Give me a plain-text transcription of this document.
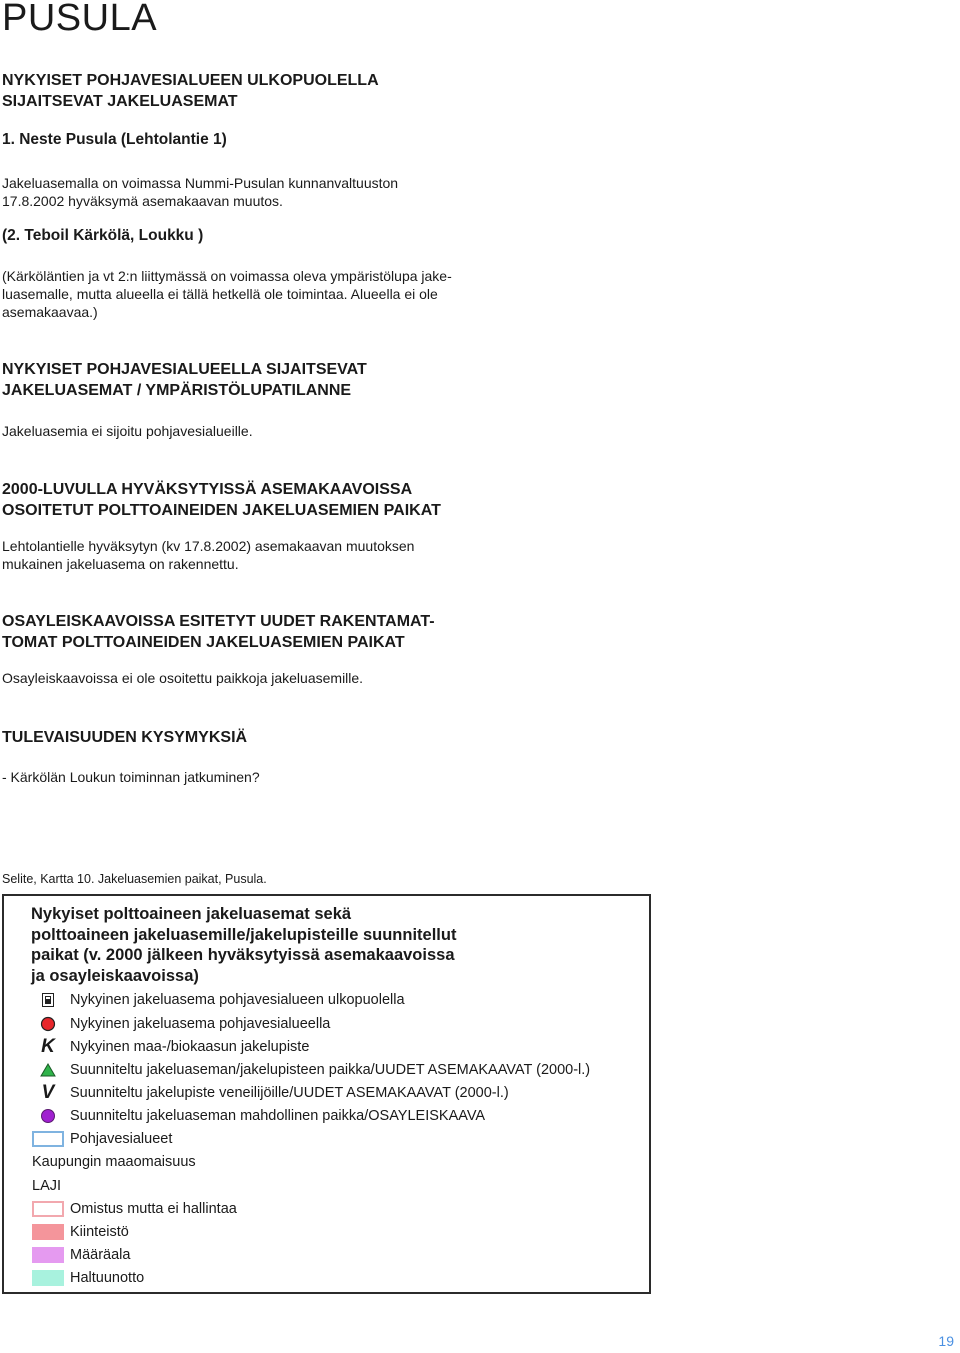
PUSULA
NYKYISET POHJAVESIALUEEN ULKOPUOLELLA
SIJAITSEVAT JAKELUASEMAT
1. Neste Pusula (Lehtolantie 1)
Jakeluasemalla on voimassa Nummi-Pusulan kunnanvaltuuston
17.8.2002 hyväksymä asemakaavan muutos.
(2. Teboil Kärkölä, Loukku )
(Kärköläntien ja vt 2:n liittymässä on voimassa oleva ympäristölupa jake-
luasemalle, mutta alueella ei tällä hetkellä ole toimintaa. Alueella ei ole
asemakaavaa.)
NYKYISET POHJAVESIALUEELLA SIJAITSEVAT
JAKELUASEMAT / YMPÄRISTÖLUPATILANNE
Jakeluasemia ei sijoitu pohjavesialueille.
2000-LUVULLA HYVÄKSYTYISSÄ ASEMAKAAVOISSA
OSOITETUT POLTTOAINEIDEN JAKELUASEMIEN PAIKAT
Lehtolantielle hyväksytyn (kv 17.8.2002) asemakaavan muutoksen
mukainen jakeluasema on rakennettu.
OSAYLEISKAAVOISSA ESITETYT UUDET RAKENTAMAT-
TOMAT POLTTOAINEIDEN JAKELUASEMIEN PAIKAT
Osayleiskaavoissa ei ole osoitettu paikkoja jakeluasemille.
TULEVAISUUDEN KYSYMYKSIÄ
- Kärkölän Loukun toiminnan jatkuminen?
Selite, Kartta 10. Jakeluasemien paikat, Pusula.
Nykyiset polttoaineen jakeluasemat sekä
polttoaineen jakeluasemille/jakelupisteille suunnitellut
paikat (v. 2000 jälkeen hyväksytyissä asemakaavoissa
ja osayleiskaavoissa)
Nykyinen jakeluasema pohjavesialueen ulkopuolella
Nykyinen jakeluasema pohjavesialueella
K	Nykyinen maa-/biokaasun jakelupiste
Suunniteltu jakeluaseman/jakelupisteen paikka/UUDET ASEMAKAAVAT (2000-l.)
V	Suunniteltu jakelupiste veneilijöille/UUDET ASEMAKAAVAT (2000-l.)
Suunniteltu jakeluaseman mahdollinen paikka/OSAYLEISKAAVA
Pohjavesialueet
Kaupungin maaomaisuus
LAJI
Omistus mutta ei hallintaa
Kiinteistö
Määräala
Haltuunotto
19
